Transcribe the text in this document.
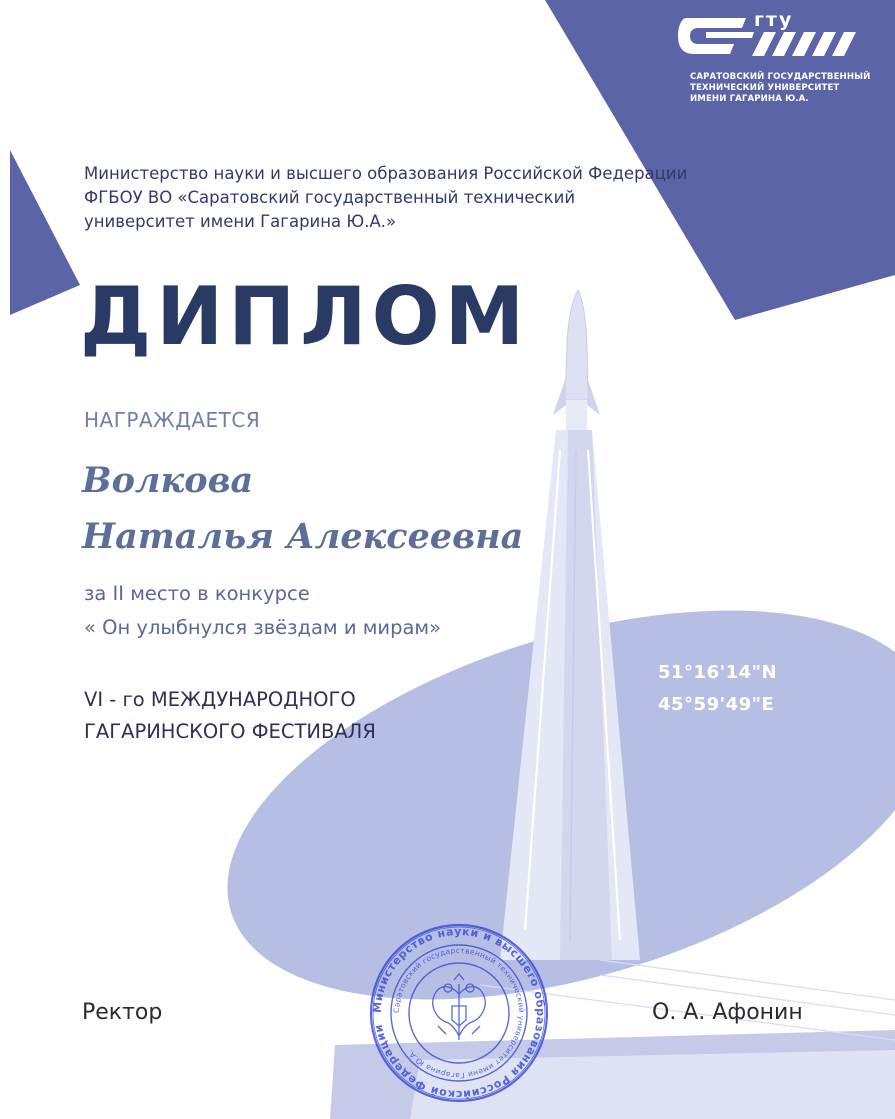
гту
САРАТОВСКИЙ ГОСУДАРСТВЕННЫЙ
ТЕХНИЧЕСКИЙ УНИВЕРСИТЕТ
ИМЕНИ ГАГАРИНА Ю.А.
Министерство науки и высшего образования Российской Федерации
ФГБОУ ВО «Саратовский государственный технический
университет имени Гагарина Ю.А.»
ДИПЛОМ
НАГРАЖДАЕТСЯ
Волкова
Наталья Алексеевна
за II место в конкурсе
« Он улыбнулся звёздам и мирам»
VI - го МЕЖДУНАРОДНОГО
ГАГАРИНСКОГО ФЕСТИВАЛЯ
51°16'14"N
45°59'49"E
Ректор	О. А. Афонин
Министерство науки и высшего образования Российской Федерации
Саратовский государственный технический университет имени Гагарина Ю.А.
